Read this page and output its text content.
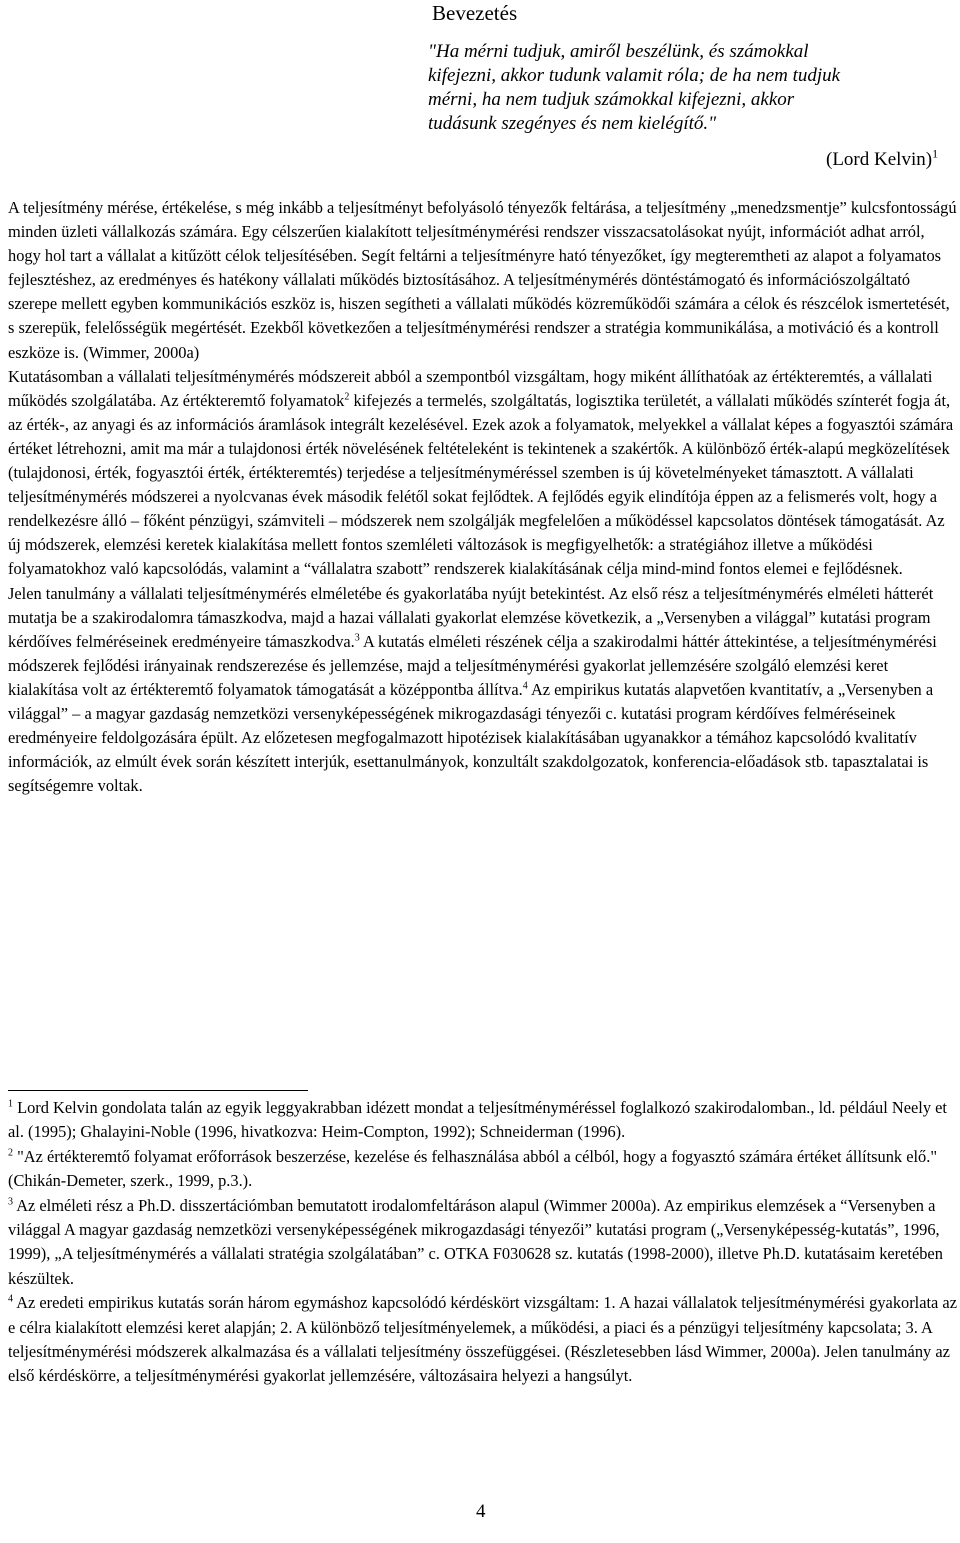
Bevezetés

"Ha mérni tudjuk, amiről beszélünk, és számokkal
kifejezni, akkor tudunk valamit róla; de ha nem tudjuk
mérni, ha nem tudjuk számokkal kifejezni, akkor
tudásunk szegényes és nem kielégítő."

(Lord Kelvin)$^1$

A teljesítmény mérése, értékelése, s még inkább a teljesítményt befolyásoló tényezők feltárása, a teljesítmény „menedzsmentje” kulcsfontosságú minden üzleti vállalkozás számára. Egy célszerűen kialakított teljesítménymérési rendszer visszacsatolásokat nyújt, információt adhat arról, hogy hol tart a vállalat a kitűzött célok teljesítésében. Segít feltárni a teljesítményre ható tényezőket, így megteremtheti az alapot a folyamatos fejlesztéshez, az eredményes és hatékony vállalati működés biztosításához. A teljesítménymérés döntéstámogató és információszolgáltató szerepe mellett egyben kommunikációs eszköz is, hiszen segítheti a vállalati működés közreműködői számára a célok és részcélok ismertetését, s szerepük, felelősségük megértését. Ezekből következően a teljesítménymérési rendszer a stratégia kommunikálása, a motiváció és a kontroll eszköze is. (Wimmer, 2000a)

Kutatásomban a vállalati teljesítménymérés módszereit abból a szempontból vizsgáltam, hogy miként állíthatóak az értékteremtés, a vállalati működés szolgálatába. Az értékteremtő folyamatok$^2$ kifejezés a termelés, szolgáltatás, logisztika területét, a vállalati működés színterét fogja át, az érték-, az anyagi és az információs áramlások integrált kezelésével. Ezek azok a folyamatok, melyekkel a vállalat képes a fogyasztói számára értéket létrehozni, amit ma már a tulajdonosi érték növelésének feltételeként is tekintenek a szakértők. A különböző érték-alapú megközelítések (tulajdonosi, érték, fogyasztói érték, értékteremtés) terjedése a teljesítményméréssel szemben is új követelményeket támasztott. A vállalati teljesítménymérés módszerei a nyolcvanas évek második felétől sokat fejlődtek. A fejlődés egyik elindítója éppen az a felismerés volt, hogy a rendelkezésre álló – főként pénzügyi, számviteli – módszerek nem szolgálják megfelelően a működéssel kapcsolatos döntések támogatását. Az új módszerek, elemzési keretek kialakítása mellett fontos szemléleti változások is megfigyelhetők: a stratégiához illetve a működési folyamatokhoz való kapcsolódás, valamint a “vállalatra szabott” rendszerek kialakításának célja mind-mind fontos elemei e fejlődésnek.

Jelen tanulmány a vállalati teljesítménymérés elméletébe és gyakorlatába nyújt betekintést. Az első rész a teljesítménymérés elméleti hátterét mutatja be a szakirodalomra támaszkodva, majd a hazai vállalati gyakorlat elemzése következik, a „Versenyben a világgal” kutatási program kérdőíves felméréseinek eredményeire támaszkodva.$^3$ A kutatás elméleti részének célja a szakirodalmi háttér áttekintése, a teljesítménymérési módszerek fejlődési irányainak rendszerezése és jellemzése, majd a teljesítménymérési gyakorlat jellemzésére szolgáló elemzési keret kialakítása volt az értékteremtő folyamatok támogatását a középpontba állítva.$^4$ Az empirikus kutatás alapvetően kvantitatív, a „Versenyben a világgal” – a magyar gazdaság nemzetközi versenyképességének mikrogazdasági tényezői c. kutatási program kérdőíves felméréseinek eredményeire feldolgozására épült. Az előzetesen megfogalmazott hipotézisek kialakításában ugyanakkor a témához kapcsolódó kvalitatív információk, az elmúlt évek során készített interjúk, esettanulmányok, konzultált szakdolgozatok, konferencia-előadások stb. tapasztalatai is segítségemre voltak.

$^1$ Lord Kelvin gondolata talán az egyik leggyakrabban idézett mondat a teljesítményméréssel foglalkozó szakirodalomban., ld. például Neely et al. (1995); Ghalayini-Noble (1996, hivatkozva: Heim-Compton, 1992); Schneiderman (1996).

$^2$ "Az értékteremtő folyamat erőforrások beszerzése, kezelése és felhasználása abból a célból, hogy a fogyasztó számára értéket állítsunk elő." (Chikán-Demeter, szerk., 1999, p.3.).

$^3$ Az elméleti rész a Ph.D. disszertációmban bemutatott irodalomfeltáráson alapul (Wimmer 2000a). Az empirikus elemzések a “Versenyben a világgal A magyar gazdaság nemzetközi versenyképességének mikrogazdasági tényezői” kutatási program („Versenyképesség-kutatás”, 1996, 1999), „A teljesítménymérés a vállalati stratégia szolgálatában” c. OTKA F030628 sz. kutatás (1998-2000), illetve Ph.D. kutatásaim keretében készültek.

$^4$ Az eredeti empirikus kutatás során három egymáshoz kapcsolódó kérdéskört vizsgáltam: 1. A hazai vállalatok teljesítménymérési gyakorlata az e célra kialakított elemzési keret alapján; 2. A különböző teljesítményelemek, a működési, a piaci és a pénzügyi teljesítmény kapcsolata; 3. A teljesítménymérési módszerek alkalmazása és a vállalati teljesítmény összefüggései. (Részletesebben lásd Wimmer, 2000a). Jelen tanulmány az első kérdéskörre, a teljesítménymérési gyakorlat jellemzésére, változásaira helyezi a hangsúlyt.

4
